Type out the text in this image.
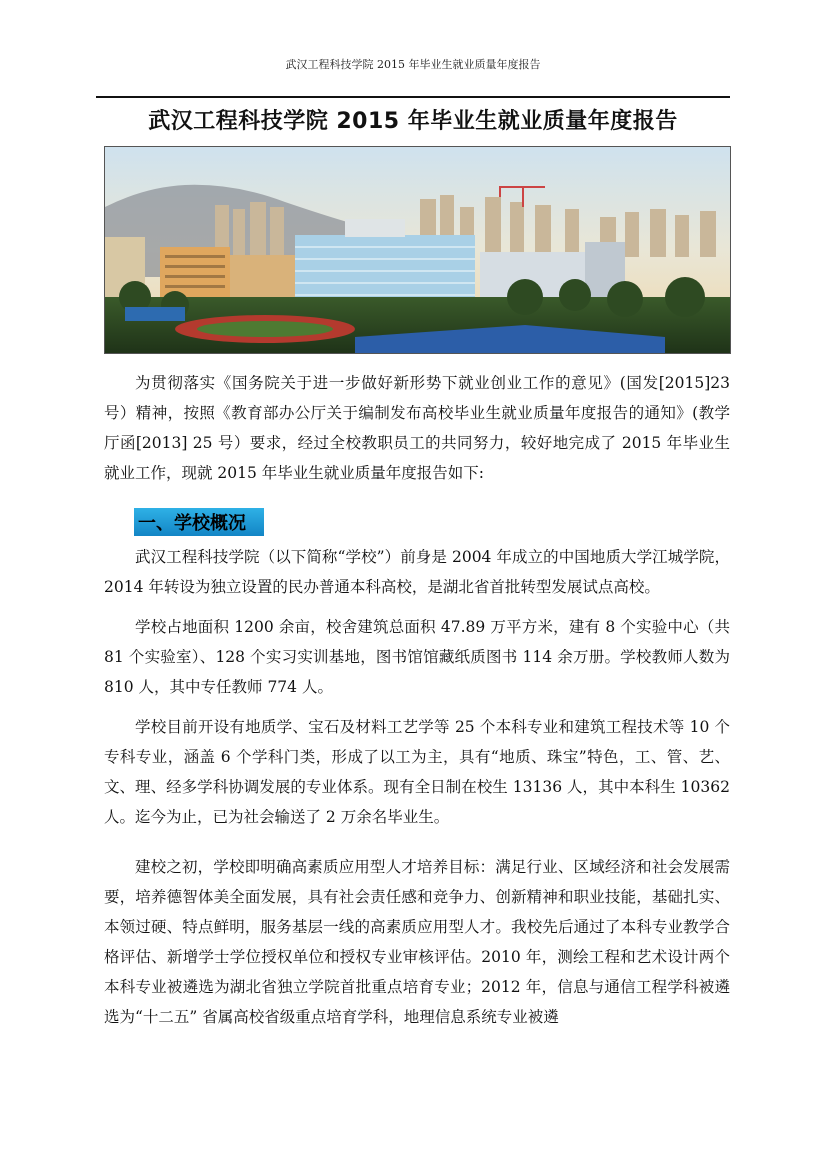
武汉工程科技学院 2015 年毕业生就业质量年度报告
武汉工程科技学院 2015 年毕业生就业质量年度报告

为贯彻落实《国务院关于进一步做好新形势下就业创业工作的意见》(国发[2015]23号）精神，按照《教育部办公厅关于编制发布高校毕业生就业质量年度报告的通知》(教学厅函[2013] 25 号）要求，经过全校教职员工的共同努力，较好地完成了 2015 年毕业生就业工作，现就 2015 年毕业生就业质量年度报告如下:

一、学校概况

武汉工程科技学院（以下简称“学校”）前身是 2004 年成立的中国地质大学江城学院，2014 年转设为独立设置的民办普通本科高校，是湖北省首批转型发展试点高校。

学校占地面积 1200 余亩，校舍建筑总面积 47.89 万平方米，建有 8 个实验中心（共 81 个实验室）、128 个实习实训基地，图书馆馆藏纸质图书 114 余万册。学校教师人数为 810 人，其中专任教师 774 人。

学校目前开设有地质学、宝石及材料工艺学等 25 个本科专业和建筑工程技术等 10 个专科专业，涵盖 6 个学科门类，形成了以工为主，具有“地质、珠宝”特色，工、管、艺、文、理、经多学科协调发展的专业体系。现有全日制在校生 13136 人，其中本科生 10362 人。迄今为止，已为社会输送了 2 万余名毕业生。

建校之初，学校即明确高素质应用型人才培养目标：满足行业、区域经济和社会发展需要，培养德智体美全面发展，具有社会责任感和竞争力、创新精神和职业技能，基础扎实、本领过硬、特点鲜明，服务基层一线的高素质应用型人才。我校先后通过了本科专业教学合格评估、新增学士学位授权单位和授权专业审核评估。2010 年，测绘工程和艺术设计两个本科专业被遴选为湖北省独立学院首批重点培育专业；2012 年，信息与通信工程学科被遴选为“十二五” 省属高校省级重点培育学科，地理信息系统专业被遴
